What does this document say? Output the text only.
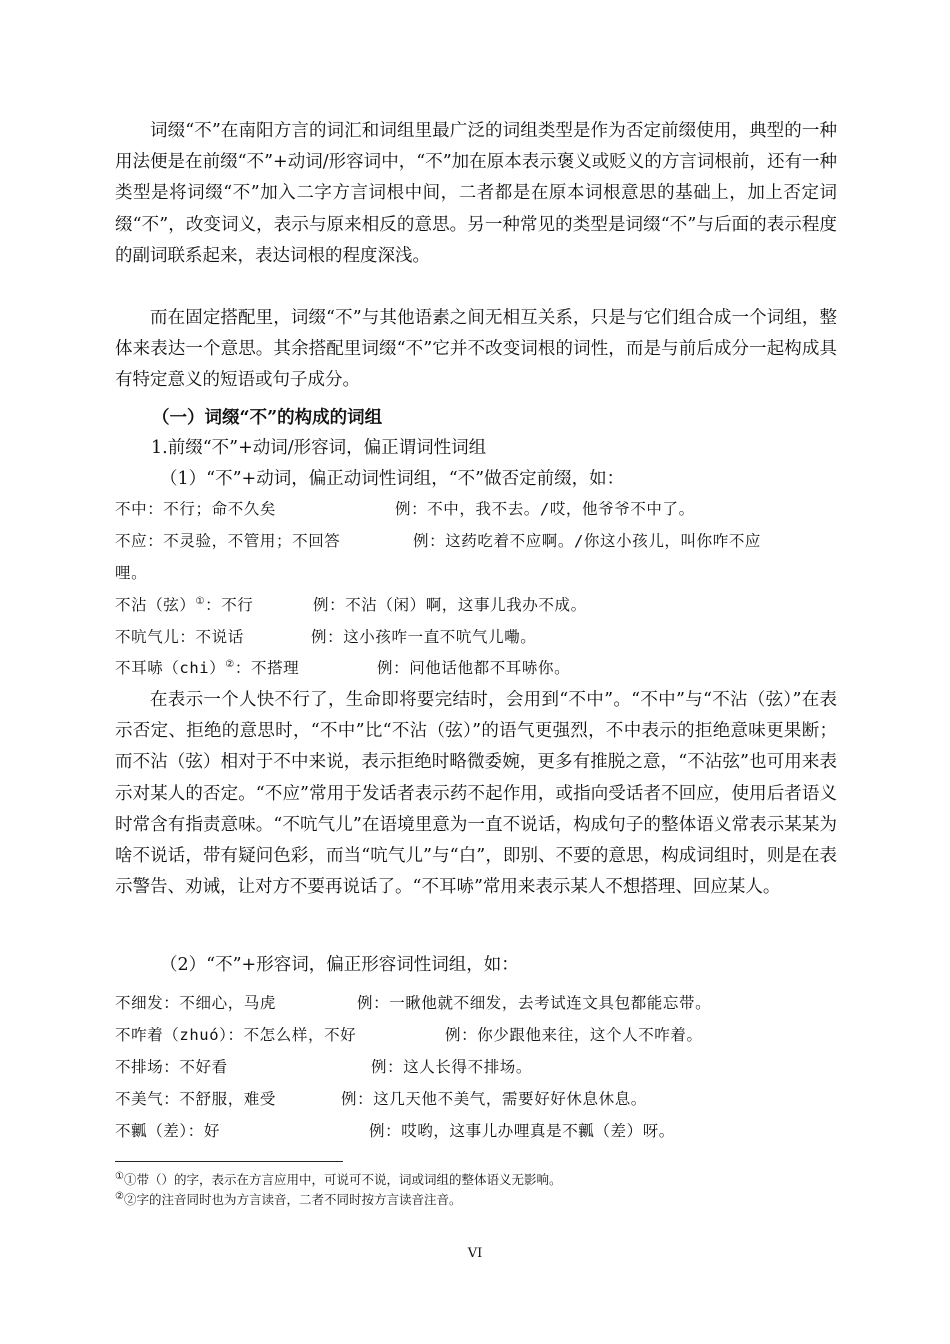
词缀“不”在南阳方言的词汇和词组里最广泛的词组类型是作为否定前缀使用，典型的一种用法便是在前缀“不”+动词/形容词中，“不”加在原本表示褒义或贬义的方言词根前，还有一种类型是将词缀“不”加入二字方言词根中间，二者都是在原本词根意思的基础上，加上否定词缀“不”，改变词义，表示与原来相反的意思。另一种常见的类型是词缀“不”与后面的表示程度的副词联系起来，表达词根的程度深浅。

而在固定搭配里，词缀“不”与其他语素之间无相互关系，只是与它们组合成一个词组，整体来表达一个意思。其余搭配里词缀“不”它并不改变词根的词性，而是与前后成分一起构成具有特定意义的短语或句子成分。

（一）词缀“不”的构成的词组
1.前缀“不”+动词/形容词，偏正谓词性词组
（1）“不”+动词，偏正动词性词组，“不”做否定前缀，如：
不中：不行；命不久矣	例：不中，我不去。/哎，他爷爷不中了。
不应：不灵验，不管用；不回答	例：这药吃着不应啊。/你这小孩儿，叫你咋不应
哩。
不沾（弦）①：不行	例：不沾（闲）啊，这事儿我办不成。
不吭气儿：不说话	例：这小孩咋一直不吭气儿嘞。
不耳哧（chi）②：不搭理	例：问他话他都不耳哧你。

在表示一个人快不行了，生命即将要完结时，会用到“不中”。“不中”与“不沾（弦）”在表示否定、拒绝的意思时，“不中”比“不沾（弦）”的语气更强烈，不中表示的拒绝意味更果断；而不沾（弦）相对于不中来说，表示拒绝时略微委婉，更多有推脱之意，“不沾弦”也可用来表示对某人的否定。“不应”常用于发话者表示药不起作用，或指向受话者不回应，使用后者语义时常含有指责意味。“不吭气儿”在语境里意为一直不说话，构成句子的整体语义常表示某某为啥不说话，带有疑问色彩，而当“吭气儿”与“白”，即别、不要的意思，构成词组时，则是在表示警告、劝诫，让对方不要再说话了。“不耳哧”常用来表示某人不想搭理、回应某人。

（2）“不”+形容词，偏正形容词性词组，如：
不细发：不细心，马虎	例：一瞅他就不细发，去考试连文具包都能忘带。
不咋着（zhuó）：不怎么样，不好	例：你少跟他来往，这个人不咋着。
不排场：不好看	例：这人长得不排场。
不美气：不舒服，难受	例：这几天他不美气，需要好好休息休息。
不瓤（差）：好	例：哎哟，这事儿办哩真是不瓤（差）呀。
①①带（）的字，表示在方言应用中，可说可不说，词或词组的整体语义无影响。
②②字的注音同时也为方言读音，二者不同时按方言读音注音。
VI
